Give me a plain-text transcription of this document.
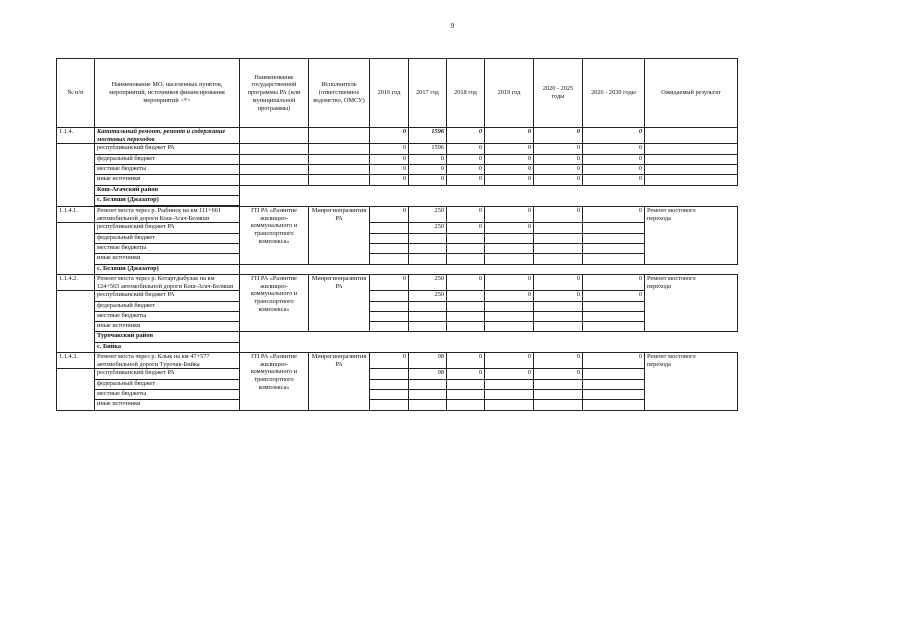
9
№ п/п	Наименование МО, населенных пунктов, мероприятий, источников финансирования мероприятий <*>	Наименование государственной программы РА (или муниципальной программы)	Исполнитель (ответственное ведомство, ОМСУ)	2016 год	2017 год	2018 год	2019 год	2020 - 2025 годы	2026 - 2030 годы	Ожидаемый результат
1.1.4.	Капитальный ремонт, ремонт и содержание мостовых переходов			0	1596	0	0	0	0	
	республиканский бюджет РА			0	1596	0	0	0	0	
	федеральный бюджет			0	0	0	0	0	0	
	местные бюджеты			0	0	0	0	0	0	
	иные источники			0	0	0	0	0	0	
	Кош-Агачский район									
	с. Беляши (Джазатор)									

1.1.4.1.	Ремонт моста через р. Рыбинск на км 111+661 автомобильной дороги Кош-Агач-Беляши	ГП РА «Развитие жилищно-коммунального и транспортного комплекса»	Минрегионразвития РА	0	250	0	0	0	0	Ремонт мостового
перехода

	республиканский бюджет РА				250	0	0			
	федеральный бюджет									
	местные бюджеты									
	иные источники									
	с. Беляши (Джазатор)									
1.1.4.2.	Ремонт моста через р. Котартдыбулак на км 124+565 автомобильной дороги Кош-Агач-Беляши	ГП РА «Развитие жилищно-коммунального и транспортного комплекса»	Минрегионразвития РА	0	250	0	0	0	0	Ремонт мостового
перехода

	республиканский бюджет РА				250		0	0	0	
	федеральный бюджет									
	местные бюджеты									
	иные источники									
	Турочакский район									
	с. Бийка									
1.1.4.3.	Ремонт моста через р. Клык на км 47+577 автомобильной дороги Турочак-Бийка	ГП РА «Развитие жилищно-коммунального и транспортного комплекса»	Минрегионразвития РА	0	98	0	0	0	0	Ремонт мостового
перехода

	республиканский бюджет РА				98	0	0	0		
	федеральный бюджет									
	местные бюджеты									
	иные источники									
